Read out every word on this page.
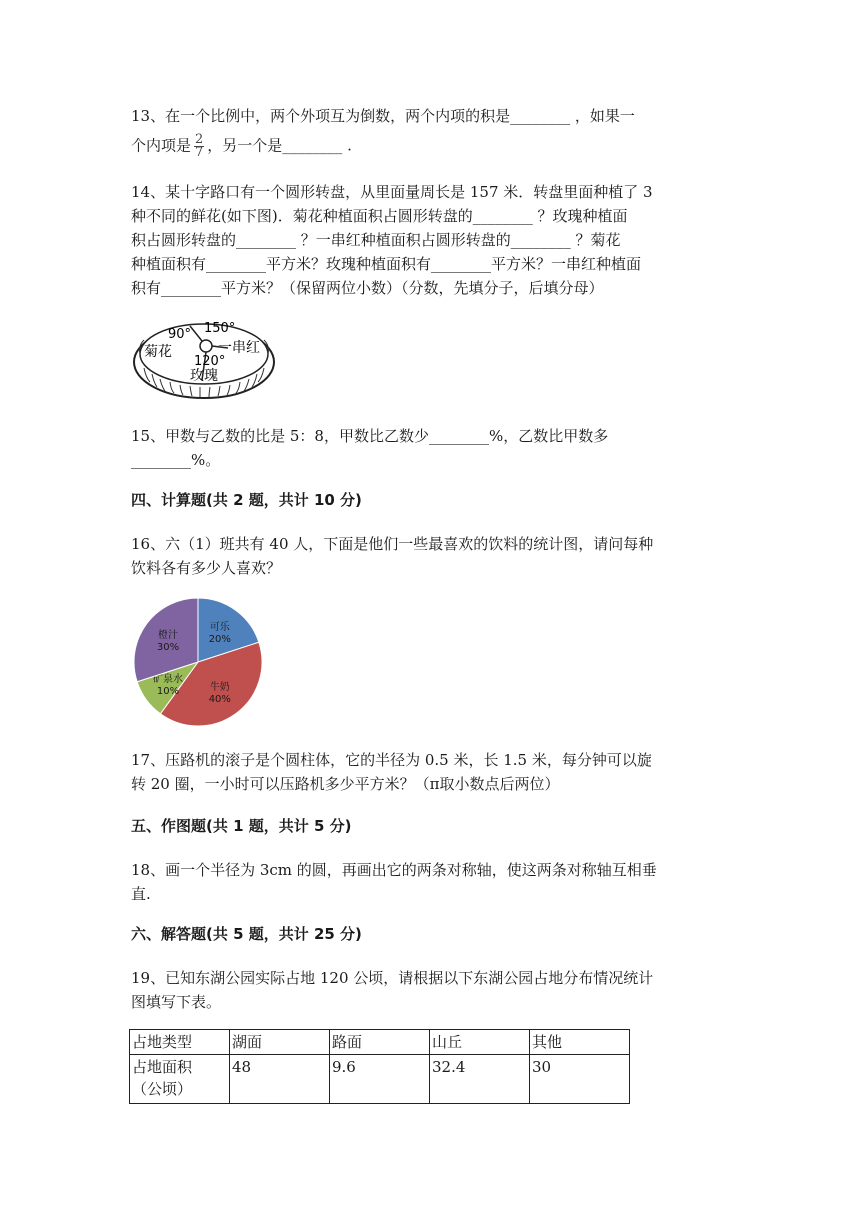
13、在一个比例中，两个外项互为倒数，两个内项的积是________ ，如果一
个内项是 $\frac{2}{7}$ ，另一个是________ .
14、某十字路口有一个圆形转盘，从里面量周长是 157 米．转盘里面种植了 3
种不同的鲜花(如下图)．菊花种植面积占圆形转盘的________ ？玫瑰种植面
积占圆形转盘的________ ？一串红种植面积占圆形转盘的________ ？菊花
种植面积有________平方米？玫瑰种植面积有________平方米？一串红种植面
积有________平方米？（保留两位小数）（分数，先填分子，后填分母）
90° 150°
120°
菊花	一串红
玫瑰
15、甲数与乙数的比是 5：8，甲数比乙数少________%，乙数比甲数多
________%。
四、计算题(共 2 题，共计 10 分)
16、六（1）班共有 40 人，下面是他们一些最喜欢的饮料的统计图，请问每种
饮料各有多少人喜欢？
可乐
20%
牛奶
40%
矿泉水
10%
橙汁
30%
17、压路机的滚子是个圆柱体，它的半径为 0.5 米，长 1.5 米，每分钟可以旋
转 20 圈，一小时可以压路机多少平方米？（π取小数点后两位）
五、作图题(共 1 题，共计 5 分)
18、画一个半径为 3cm 的圆，再画出它的两条对称轴，使这两条对称轴互相垂
直.
六、解答题(共 5 题，共计 25 分)
19、已知东湖公园实际占地 120 公顷，请根据以下东湖公园占地分布情况统计
图填写下表。
占地类型	湖面	路面	山丘	其他

占地面积
（公顷）	48	9.6	32.4	30
